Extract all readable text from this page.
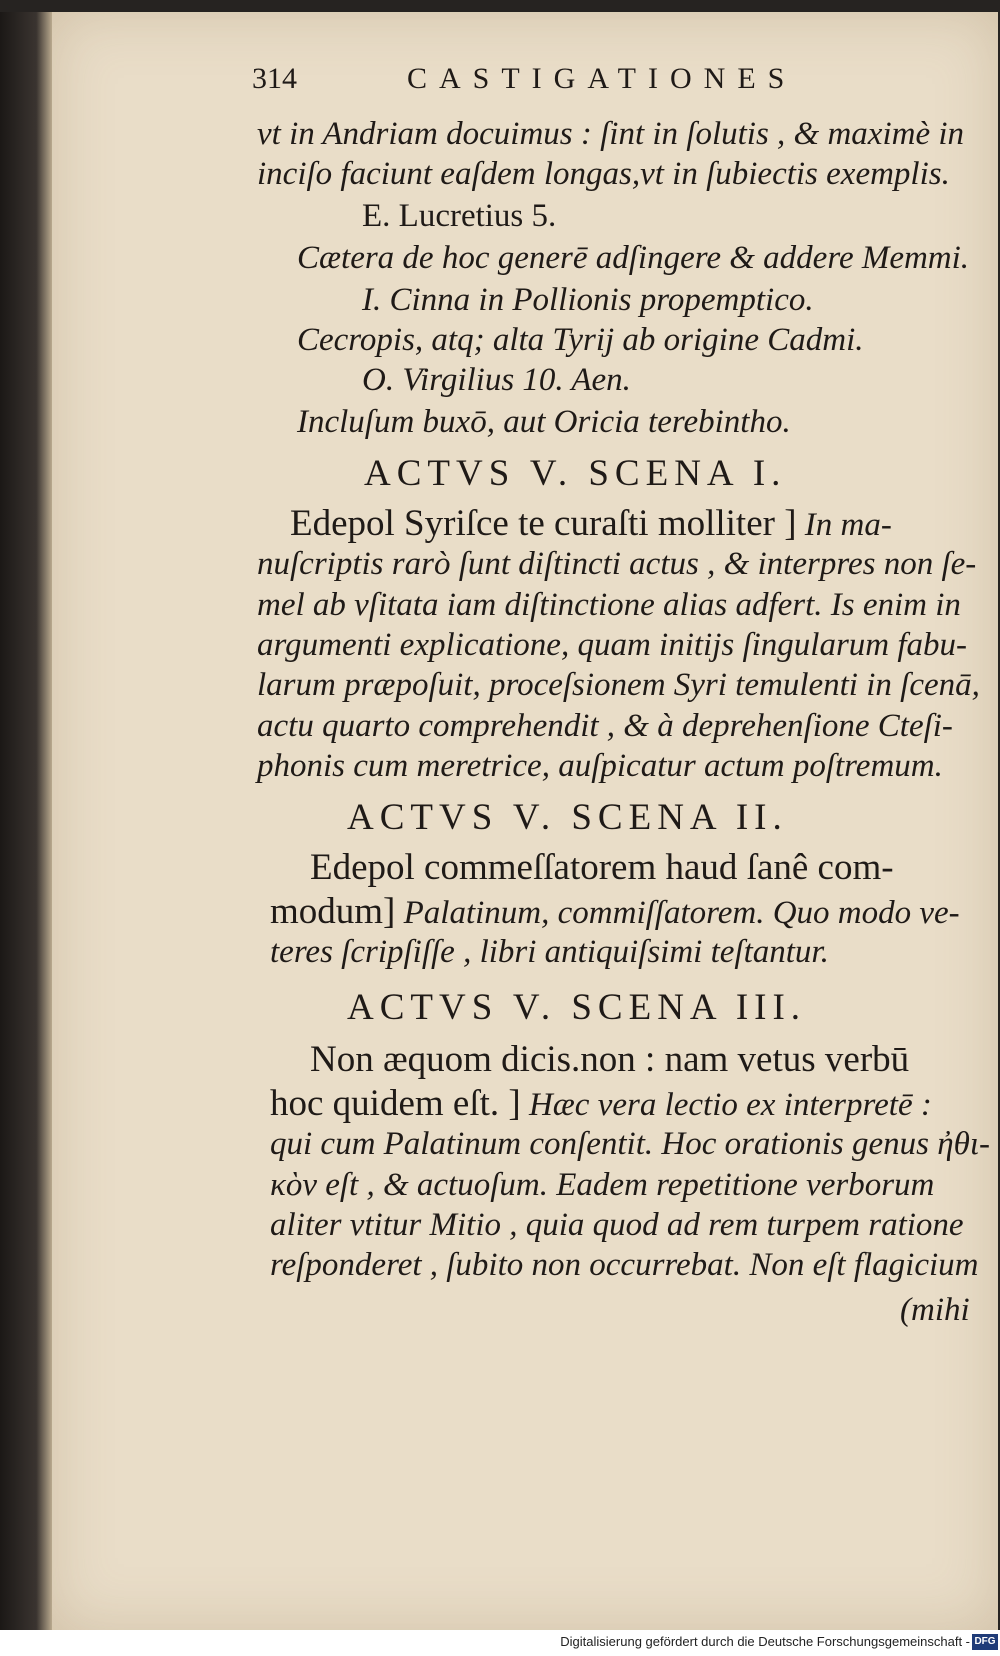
314	CASTIGATIONES
vt in Andriam docuimus : ſint in ſolutis , & maximè in
inciſo faciunt eaſdem longas,vt in ſubiectis exemplis.
E. Lucretius 5.
Cætera de hoc generē adſingere & addere Memmi.
I. Cinna in Pollionis propemptico.
Cecropis, atq; alta Tyriј ab origine Cadmi.
O. Virgilius 10. Aen.
Incluſum buxō, aut Oricia terebintho.
ACTVS V. SCENA I.
Edepol Syriſce te curaſti molliter ] In ma-
nuſcriptis rarò ſunt diſtincti actus , & interpres non ſe-
mel ab vſitata iam diſtinctione alias adfert. Is enim in
argumenti explicatione, quam initijs ſingularum fabu-
larum præpoſuit, proceſsionem Syri temulenti in ſcenā,
actu quarto comprehendit , & à deprehenſione Cteſi-
phonis cum meretrice, auſpicatur actum poſtremum.
ACTVS V. SCENA II.
Edepol commeſſatorem haud ſanê com-
modum] Palatinum, commiſſatorem. Quo modo ve-
teres ſcripſiſſe , libri antiquiſsimi teſtantur.
ACTVS V. SCENA III.
Non æquom dicis.non : nam vetus verbū
hoc quidem eſt. ] Hæc vera lectio ex interpretē :
qui cum Palatinum conſentit. Hoc orationis genus ἠθι-
κὸν eſt , & actuoſum. Eadem repetitione verborum
aliter vtitur Mitio , quia quod ad rem turpem ratione
reſponderet , ſubito non occurrebat. Non eſt flagicium
(mihi
Digitalisierung gefördert durch die Deutsche Forschungsgemeinschaft - DFG
